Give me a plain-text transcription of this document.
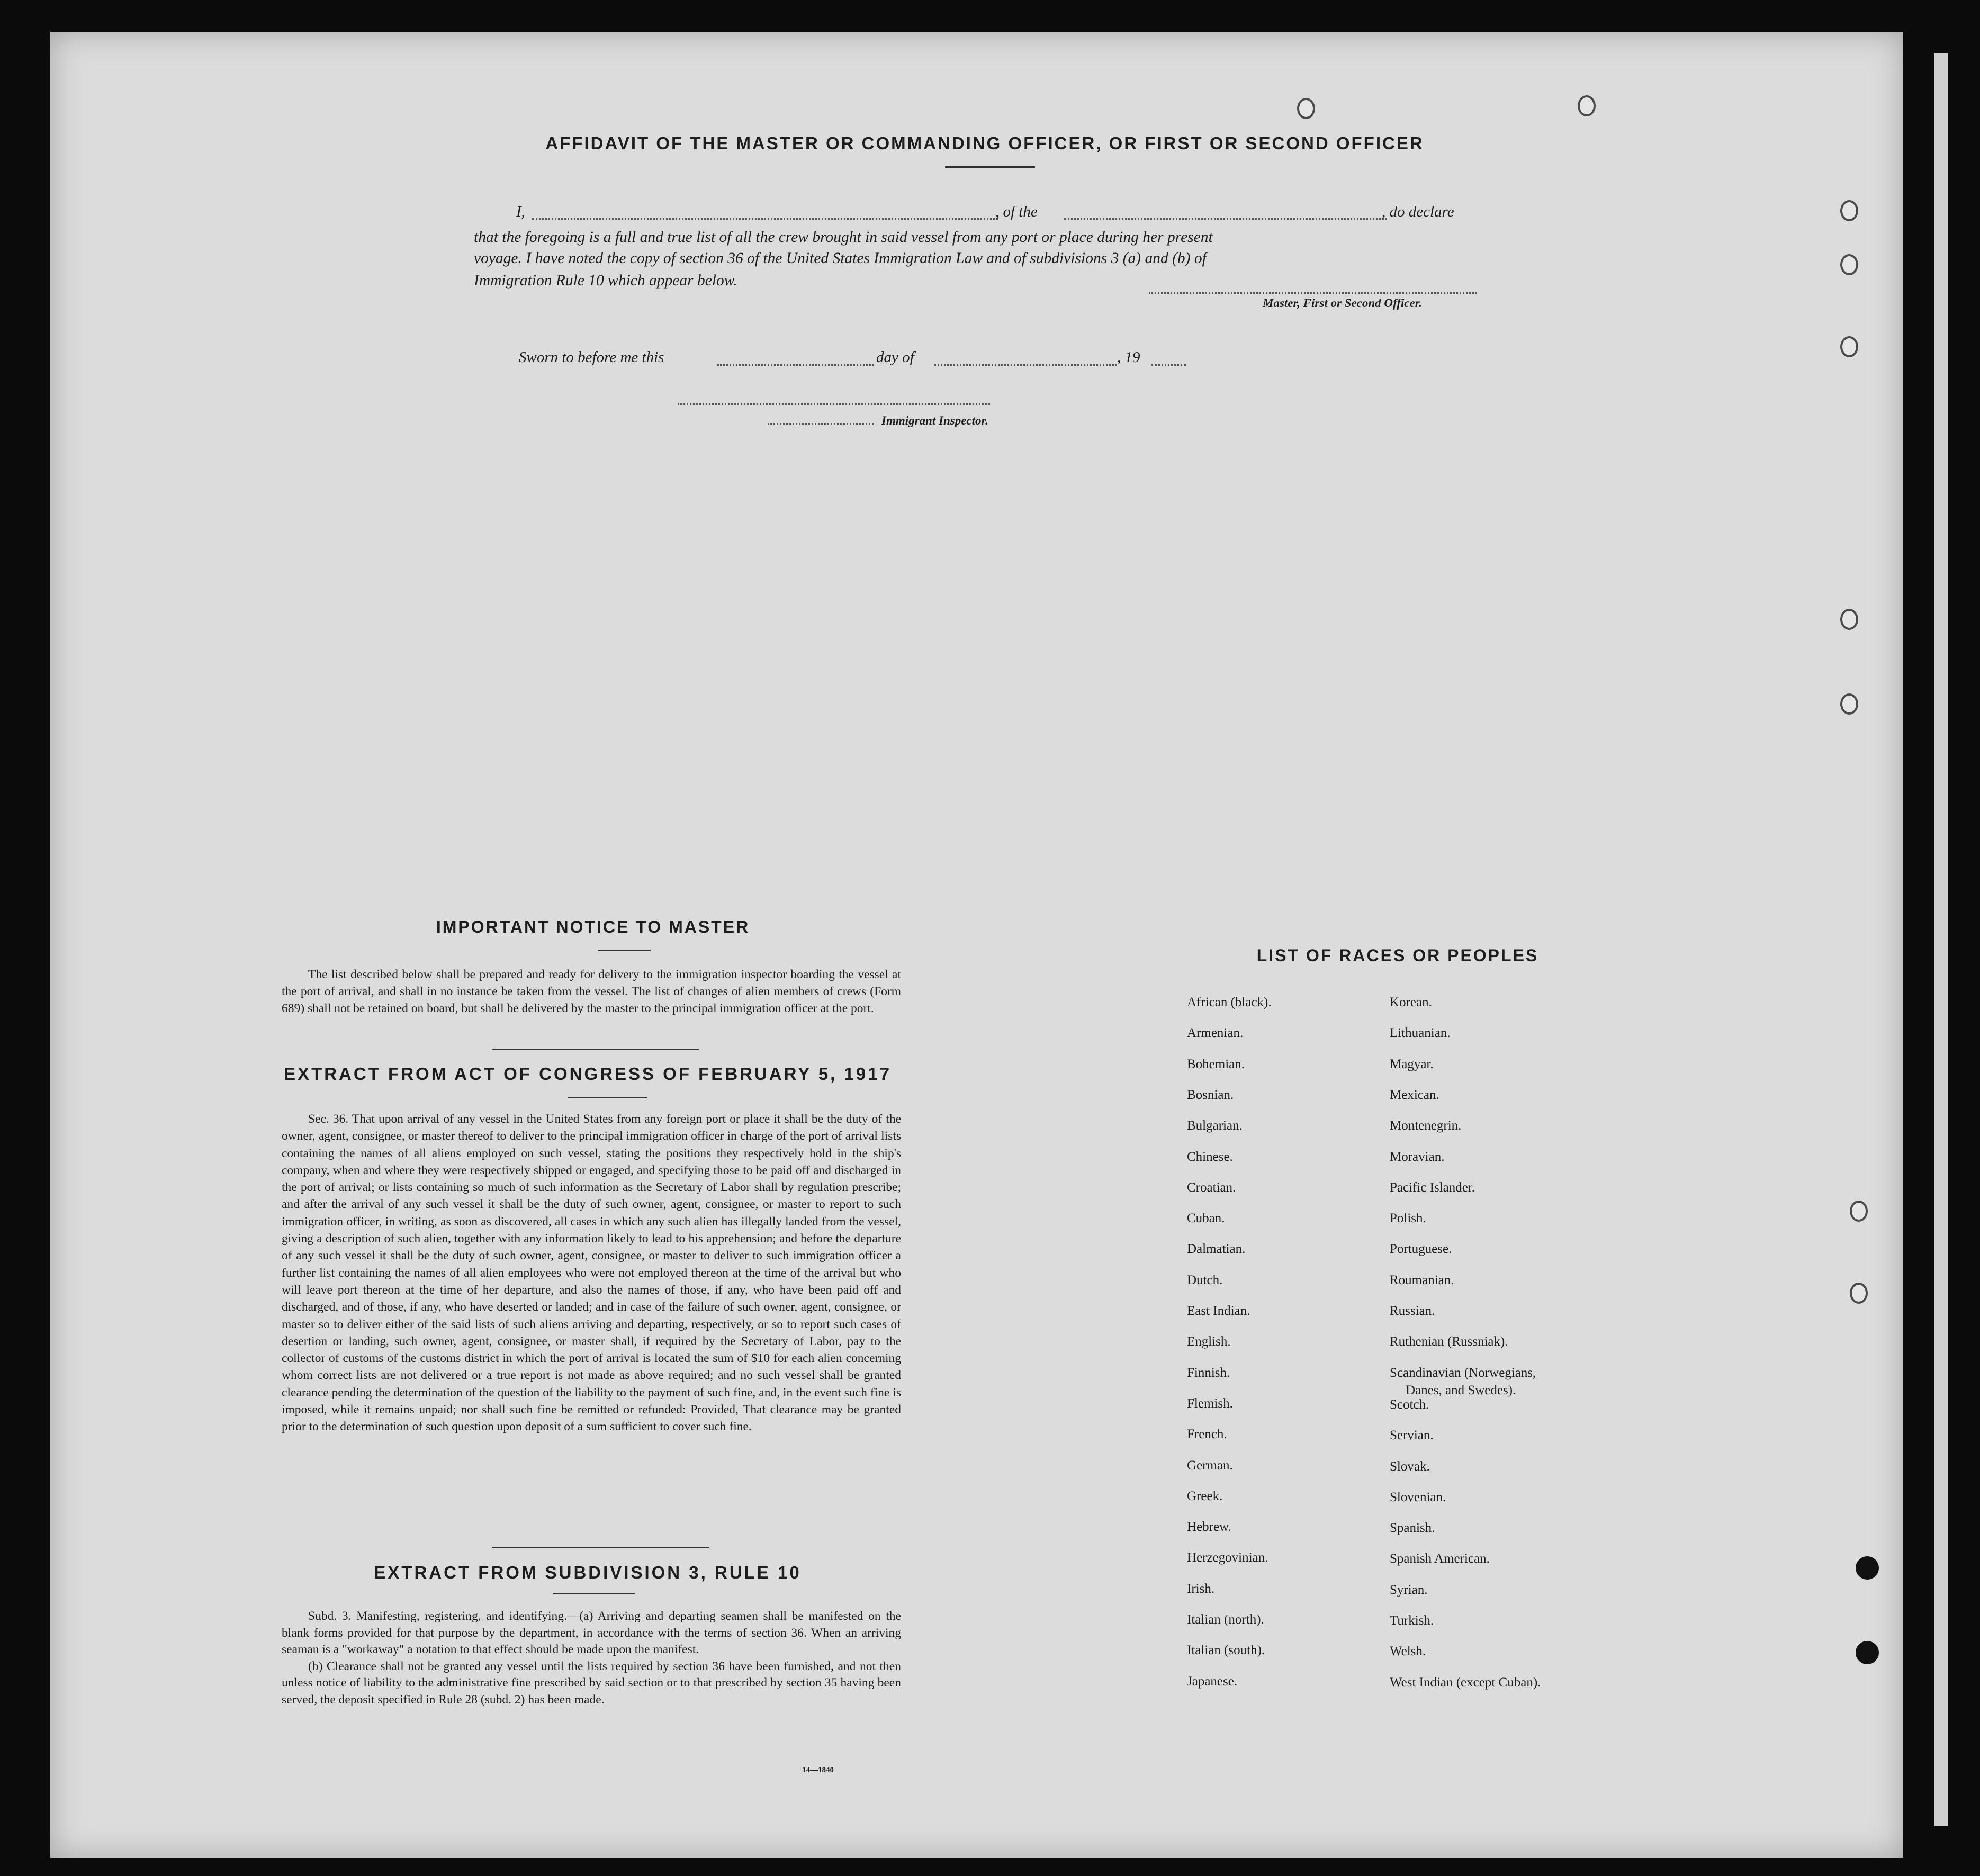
AFFIDAVIT OF THE MASTER OR COMMANDING OFFICER, OR FIRST OR SECOND OFFICER
I,	, of the	, do declare
that the foregoing is a full and true list of all the crew brought in said vessel from any port or place during her present
voyage. I have noted the copy of section 36 of the United States Immigration Law and of subdivisions 3 (a) and (b) of
Immigration Rule 10 which appear below.
Master, First or Second Officer.
Sworn to before me this	day of	, 19
Immigrant Inspector.
IMPORTANT NOTICE TO MASTER

The list described below shall be prepared and ready for delivery to the immigration inspector boarding the vessel at the port of arrival, and shall in no instance be taken from the vessel. The list of changes of alien members of crews (Form 689) shall not be retained on board, but shall be delivered by the master to the principal immigration officer at the port.

EXTRACT FROM ACT OF CONGRESS OF FEBRUARY 5, 1917

Sec. 36. That upon arrival of any vessel in the United States from any foreign port or place it shall be the duty of the owner, agent, consignee, or master thereof to deliver to the principal immigration officer in charge of the port of arrival lists containing the names of all aliens employed on such vessel, stating the positions they respectively hold in the ship's company, when and where they were respectively shipped or engaged, and specifying those to be paid off and discharged in the port of arrival; or lists containing so much of such information as the Secretary of Labor shall by regulation prescribe; and after the arrival of any such vessel it shall be the duty of such owner, agent, consignee, or master to report to such immigration officer, in writing, as soon as discovered, all cases in which any such alien has illegally landed from the vessel, giving a description of such alien, together with any information likely to lead to his apprehension; and before the departure of any such vessel it shall be the duty of such owner, agent, consignee, or master to deliver to such immigration officer a further list containing the names of all alien employees who were not employed thereon at the time of the arrival but who will leave port thereon at the time of her departure, and also the names of those, if any, who have been paid off and discharged, and of those, if any, who have deserted or landed; and in case of the failure of such owner, agent, consignee, or master so to deliver either of the said lists of such aliens arriving and departing, respectively, or so to report such cases of desertion or landing, such owner, agent, consignee, or master shall, if required by the Secretary of Labor, pay to the collector of customs of the customs district in which the port of arrival is located the sum of $10 for each alien concerning whom correct lists are not delivered or a true report is not made as above required; and no such vessel shall be granted clearance pending the determination of the question of the liability to the payment of such fine, and, in the event such fine is imposed, while it remains unpaid; nor shall such fine be remitted or refunded: Provided, That clearance may be granted prior to the determination of such question upon deposit of a sum sufficient to cover such fine.

EXTRACT FROM SUBDIVISION 3, RULE 10

Subd. 3. Manifesting, registering, and identifying.—(a) Arriving and departing seamen shall be manifested on the blank forms provided for that purpose by the department, in accordance with the terms of section 36. When an arriving seaman is a "workaway" a notation to that effect should be made upon the manifest.

(b) Clearance shall not be granted any vessel until the lists required by section 36 have been furnished, and not then unless notice of liability to the administrative fine prescribed by said section or to that prescribed by section 35 having been served, the deposit specified in Rule 28 (subd. 2) has been made.

14—1840
LIST OF RACES OR PEOPLES
African (black).
Armenian.
Bohemian.
Bosnian.
Bulgarian.
Chinese.
Croatian.
Cuban.
Dalmatian.
Dutch.
East Indian.
English.
Finnish.
Flemish.
French.
German.
Greek.
Hebrew.
Herzegovinian.
Irish.
Italian (north).
Italian (south).
Japanese.
Korean.
Lithuanian.
Magyar.
Mexican.
Montenegrin.
Moravian.
Pacific Islander.
Polish.
Portuguese.
Roumanian.
Russian.
Ruthenian (Russniak).
Scandinavian (Norwegians,
Scotch.
Servian.
Slovak.
Slovenian.
Spanish.
Spanish American.
Syrian.
Turkish.
Welsh.
West Indian (except Cuban).
Danes, and Swedes).
